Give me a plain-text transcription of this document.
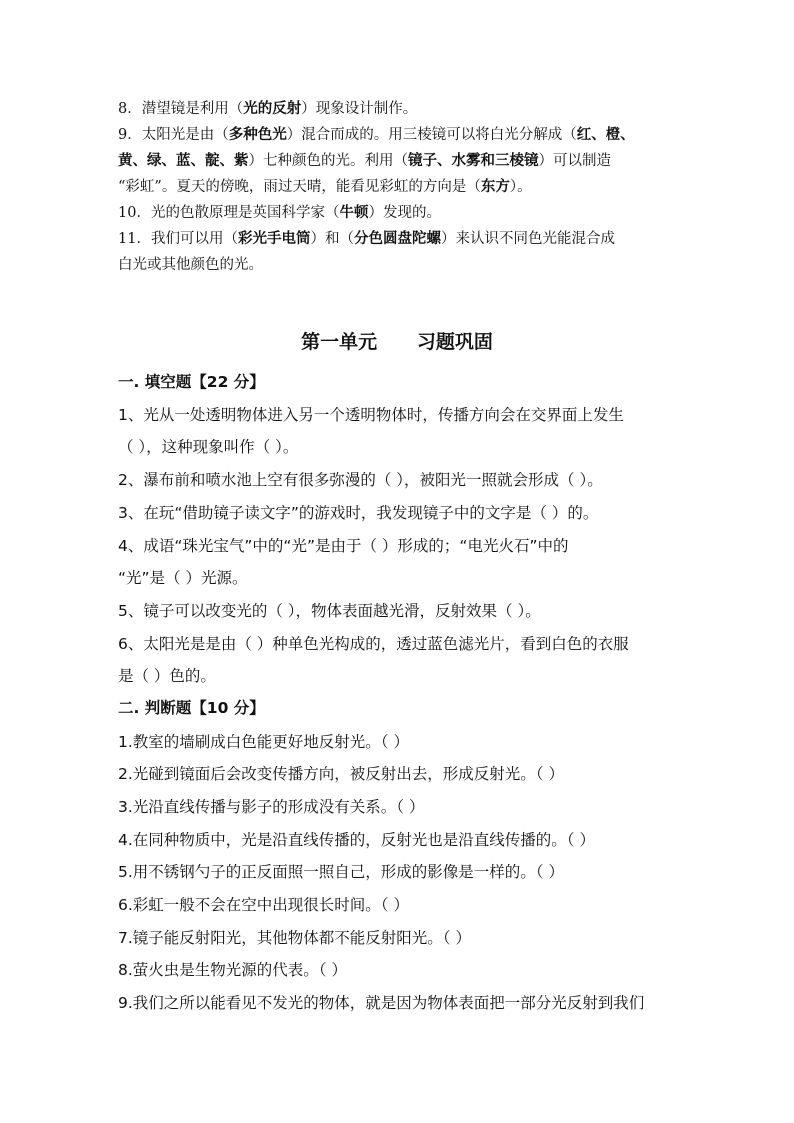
8．潜望镜是利用（光的反射）现象设计制作。
9．太阳光是由（多种色光）混合而成的。用三棱镜可以将白光分解成（红、橙、
黄、绿、蓝、靛、紫）七种颜色的光。利用（镜子、水雾和三棱镜）可以制造
“彩虹”。夏天的傍晚，雨过天晴，能看见彩虹的方向是（东方）。
10．光的色散原理是英国科学家（牛顿）发现的。
11．我们可以用（彩光手电筒）和（分色圆盘陀螺）来认识不同色光能混合成
白光或其他颜色的光。
第一单元      习题巩固
一. 填空题【22 分】
1、光从一处透明物体进入另一个透明物体时，传播方向会在交界面上发生
（ ），这种现象叫作（ ）。
2、瀑布前和喷水池上空有很多弥漫的（ ），被阳光一照就会形成（ ）。
3、在玩“借助镜子读文字”的游戏时，我发现镜子中的文字是（ ）的。
4、成语“珠光宝气”中的“光”是由于（ ）形成的；“电光火石”中的
“光”是（ ）光源。
5、镜子可以改变光的（ ），物体表面越光滑，反射效果（ ）。
6、太阳光是是由（ ）种单色光构成的，透过蓝色滤光片，看到白色的衣服
是（ ）色的。
二. 判断题【10 分】
1.教室的墙刷成白色能更好地反射光。（ ）
2.光碰到镜面后会改变传播方向，被反射出去，形成反射光。（ ）
3.光沿直线传播与影子的形成没有关系。（ ）
4.在同种物质中，光是沿直线传播的，反射光也是沿直线传播的。（ ）
5.用不锈钢勺子的正反面照一照自己，形成的影像是一样的。（ ）
6.彩虹一般不会在空中出现很长时间。（ ）
7.镜子能反射阳光，其他物体都不能反射阳光。（ ）
8.萤火虫是生物光源的代表。（ ）
9.我们之所以能看见不发光的物体，就是因为物体表面把一部分光反射到我们
